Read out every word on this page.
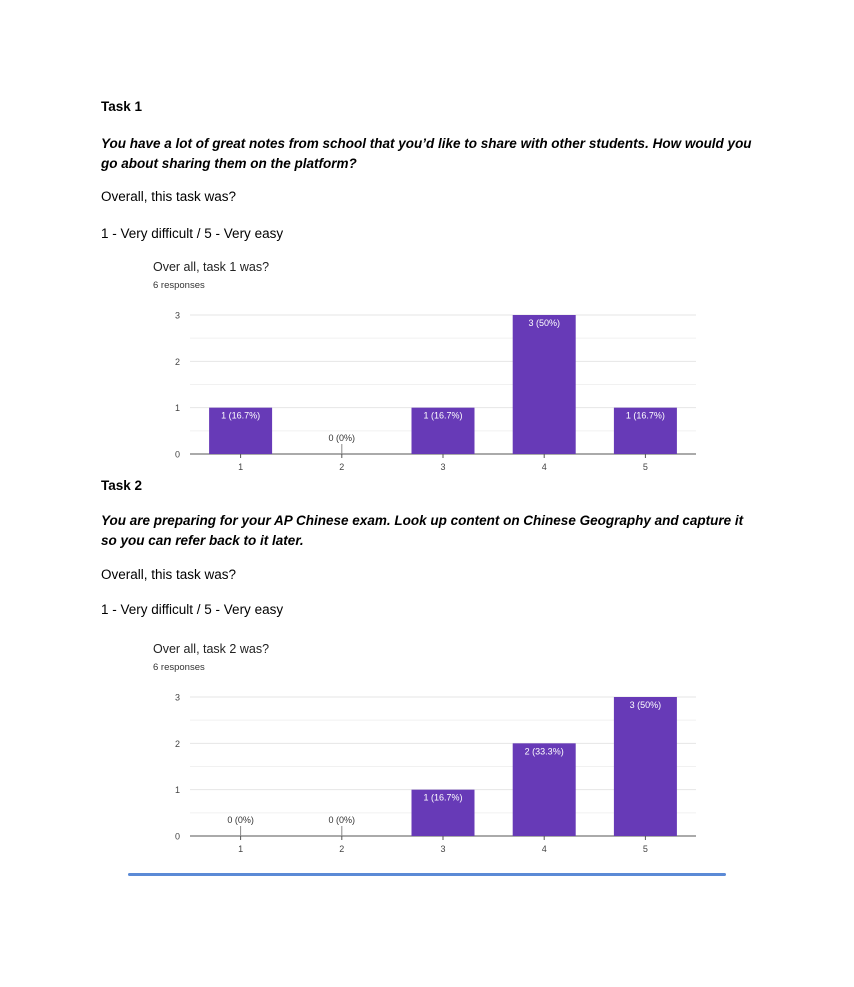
Task 1
You have a lot of great notes from school that you’d like to share with other students. How would you go about sharing them on the platform?
Overall, this task was?
1 - Very difficult / 5 - Very easy
Over all, task 1 was?
6 responses
0
1
2
3
1
1 (16.7%)
2
0 (0%)
3
1 (16.7%)
4
3 (50%)
5
1 (16.7%)
Task 2
You are preparing for your AP Chinese exam. Look up content on Chinese Geography and capture it so you can refer back to it later.
Overall, this task was?
1 - Very difficult / 5 - Very easy
Over all, task 2 was?
6 responses
0
1
2
3
1
0 (0%)
2
0 (0%)
3
1 (16.7%)
4
2 (33.3%)
5
3 (50%)
